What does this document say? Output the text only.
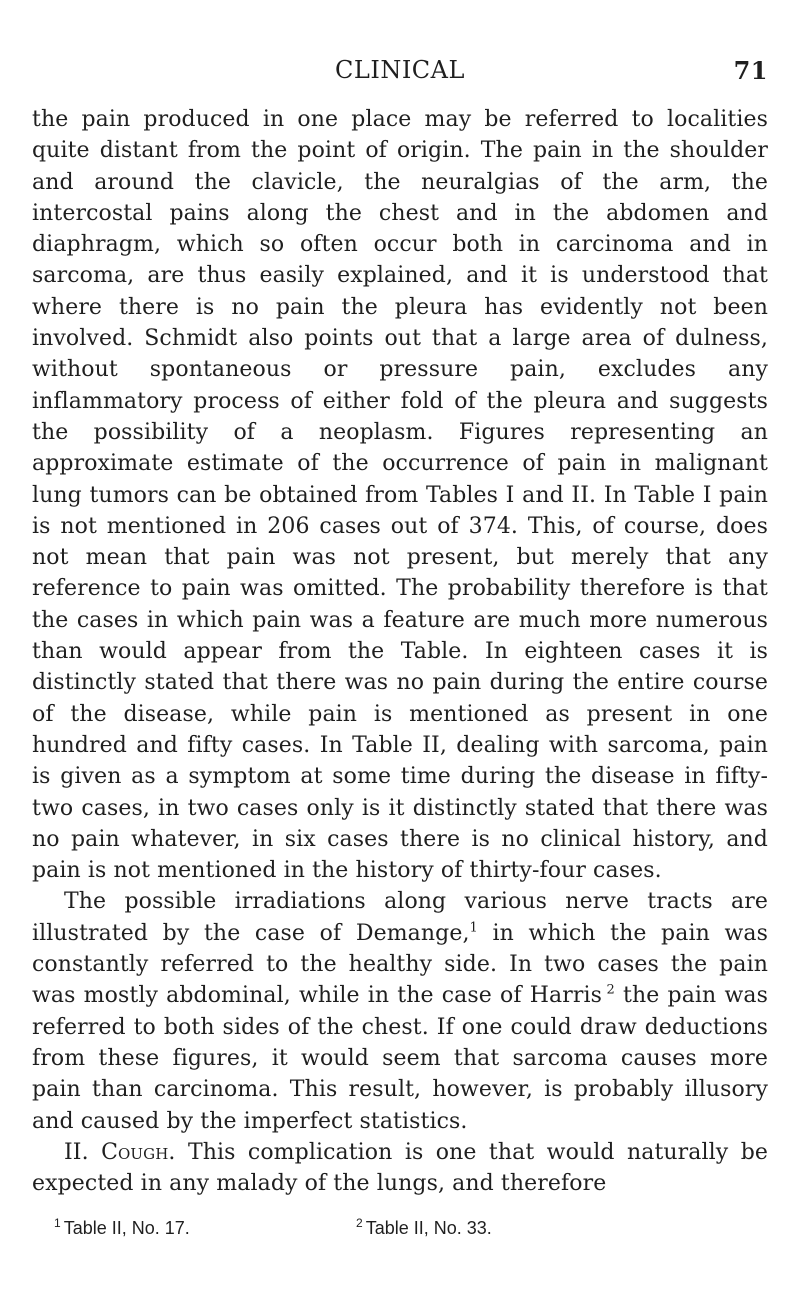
CLINICAL	71

the pain produced in one place may be referred to localities quite distant from the point of origin. The pain in the shoulder and around the clavicle, the neuralgias of the arm, the intercostal pains along the chest and in the abdomen and diaphragm, which so often occur both in carcinoma and in sarcoma, are thus easily explained, and it is understood that where there is no pain the pleura has evidently not been involved. Schmidt also points out that a large area of dulness, without spontaneous or pressure pain, excludes any inflammatory process of either fold of the pleura and suggests the possibility of a neoplasm. Figures representing an approximate estimate of the occurrence of pain in malignant lung tumors can be obtained from Tables I and II. In Table I pain is not mentioned in 206 cases out of 374. This, of course, does not mean that pain was not present, but merely that any reference to pain was omitted. The probability therefore is that the cases in which pain was a feature are much more numerous than would appear from the Table. In eighteen cases it is distinctly stated that there was no pain during the entire course of the disease, while pain is mentioned as present in one hundred and fifty cases. In Table II, dealing with sarcoma, pain is given as a symptom at some time during the disease in fifty-two cases, in two cases only is it distinctly stated that there was no pain whatever, in six cases there is no clinical history, and pain is not mentioned in the history of thirty-four cases.

The possible irradiations along various nerve tracts are illustrated by the case of Demange,$^1$ in which the pain was constantly referred to the healthy side. In two cases the pain was mostly abdominal, while in the case of Harris  $^2$ the pain was referred to both sides of the chest. If one could draw deductions from these figures, it would seem that sarcoma causes more pain than carcinoma. This result, however, is probably illusory and caused by the imperfect statistics.

II. Cough. This complication is one that would naturally be expected in any malady of the lungs, and therefore

$^1$ Table II, No. 17.	$^2$ Table II, No. 33.
